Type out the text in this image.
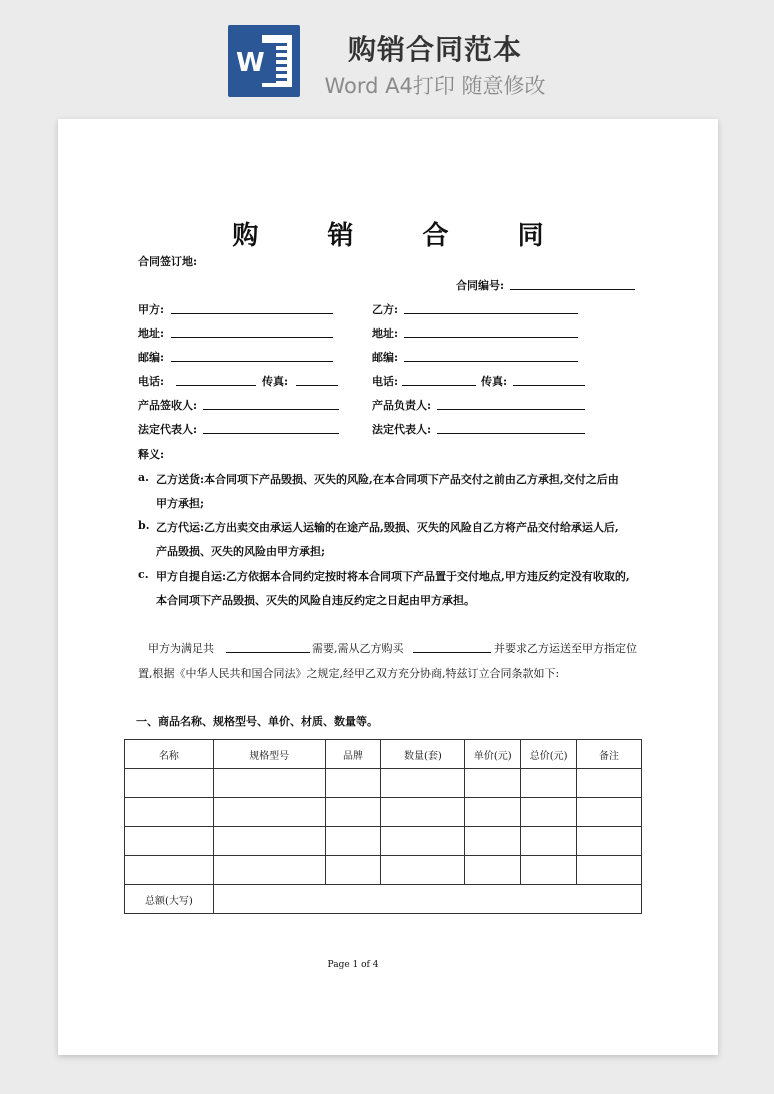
W	购销合同范本
Word A4打印 随意修改
购 销 合 同
合同签订地:
合同编号:
甲方:	乙方:
地址:	地址:
邮编:	邮编:
电话:	传真:	电话:	传真:
产品签收人:	产品负责人:
法定代表人:	法定代表人:
释义:
a. 乙方送货:本合同项下产品毁损、灭失的风险,在本合同项下产品交付之前由乙方承担,交付之后由
甲方承担;
b. 乙方代运:乙方出卖交由承运人运输的在途产品,毁损、灭失的风险自乙方将产品交付给承运人后,
产品毁损、灭失的风险由甲方承担;
c. 甲方自提自运:乙方依据本合同约定按时将本合同项下产品置于交付地点,甲方违反约定没有收取的,
本合同项下产品毁损、灭失的风险自违反约定之日起由甲方承担。
甲方为满足共	需要,需从乙方购买	并要求乙方运送至甲方指定位
置,根据《中华人民共和国合同法》之规定,经甲乙双方充分协商,特兹订立合同条款如下:
一、商品名称、规格型号、单价、材质、数量等。
名称	规格型号	品牌	数量(套)	单价(元)	总价(元)	备注

总额(大写)						
Page 1 of 4
